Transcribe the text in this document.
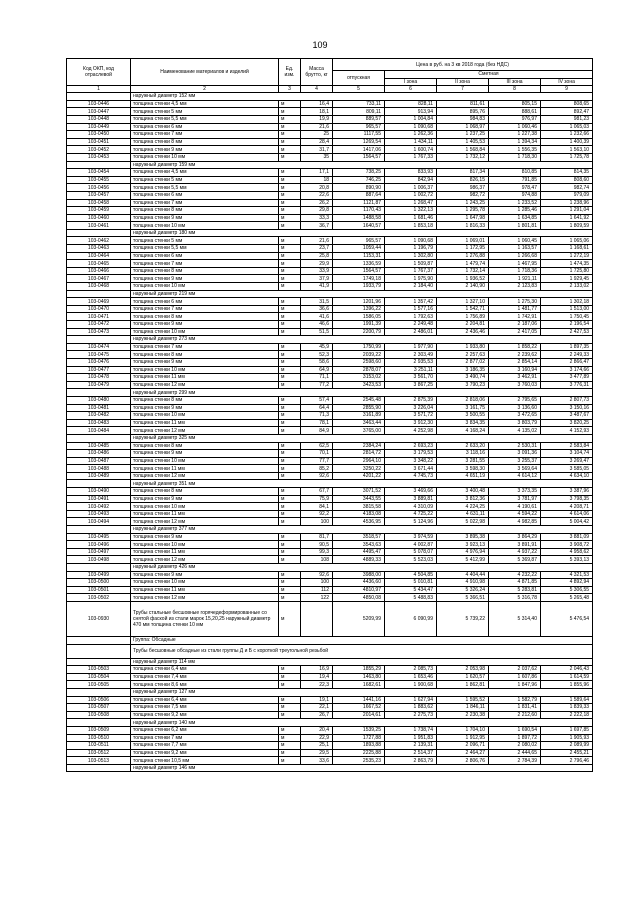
109
Код ОКП, код отраслевой	Наименование материалов и изделий	Ед. изм.	Масса брутто, кг	Цена в руб. на 3 кв 2018 года (без НДС)				
				отпускная	Сметная			
					I зона	II зона	III зона	IV зона
1	2	3	4	5	6	7	8	9
	наружный диаметр 152 мм							
103-0446	толщина стенки 4,5 мм	м	16,4	733,11	828,11	811,61	805,15	808,65
103-0447	толщина стенки 5 мм	м	18,1	809,11	913,94	895,76	888,61	892,47
103-0448	толщина стенки 5,5 мм	м	19,9	889,57	1 004,84	984,83	976,97	981,23
103-0449	толщина стенки 6 мм	м	21,6	965,57	1 090,68	1 068,97	1 060,46	1 065,03
103-0450	толщина стенки 7 мм	м	25	1117,55	1 262,36	1 237,25	1 227,38	1 232,66
103-0451	толщина стенки 8 мм	м	28,4	1269,54	1 434,11	1 405,53	1 394,34	1 400,39
103-0452	толщина стенки 9 мм	м	31,7	1417,06	1 600,74	1 568,84	1 556,35	1 563,10
103-0453	толщина стенки 10 мм	м	35	1564,57	1 767,33	1 732,12	1 718,30	1 725,78
	наружный диаметр 159 мм							
103-0454	толщина стенки 4,5 мм	м	17,1	738,25	833,93	817,34	810,85	814,35
103-0455	толщина стенки 5 мм	м	18	746,25	842,94	826,15	791,85	808,60
103-0456	толщина стенки 5,5 мм	м	20,8	890,90	1 006,37	986,37	978,47	982,74
103-0457	толщина стенки 6 мм	м	22,6	887,64	1 002,72	982,72	974,88	979,09
103-0458	толщина стенки 7 мм	м	26,2	1121,87	1 268,47	1 243,25	1 233,52	1 238,96
103-0459	толщина стенки 8 мм	м	29,8	1170,43	1 322,13	1 295,78	1 285,46	1 291,04
103-0460	толщина стенки 9 мм	м	33,3	1488,58	1 681,46	1 647,98	1 634,85	1 641,92
103-0461	толщина стенки 10 мм	м	36,7	1640,57	1 853,18	1 816,33	1 801,81	1 809,59
	наружный диаметр 180 мм							
103-0462	толщина стенки 5 мм	м	21,6	965,57	1 090,68	1 069,01	1 060,45	1 065,06
103-0463	толщина стенки 5,5 мм	м	23,7	1059,44	1 196,79	1 172,95	1 163,57	1 168,61
103-0464	толщина стенки 6 мм	м	25,8	1153,31	1 302,80	1 276,88	1 266,68	1 272,19
103-0465	толщина стенки 7 мм	м	29,9	1336,59	1 509,87	1 479,74	1 467,95	1 474,35
103-0466	толщина стенки 8 мм	м	33,9	1564,57	1 767,37	1 732,14	1 718,36	1 725,80
103-0467	толщина стенки 9 мм	м	37,9	1749,18	1 975,90	1 936,52	1 921,11	1 929,45
103-0468	толщина стенки 10 мм	м	41,9	1933,79	2 184,40	2 140,90	2 123,83	2 133,02
	наружный диаметр 219 мм							
103-0469	толщина стенки 6 мм	м	31,5	1201,96	1 357,42	1 327,10	1 275,30	1 302,18
103-0470	толщина стенки 7 мм	м	36,6	1396,22	1 577,16	1 542,71	1 481,77	1 513,00
103-0471	толщина стенки 8 мм	м	41,6	1586,05	1 792,63	1 756,89	1 742,91	1 750,45
103-0472	толщина стенки 9 мм	м	46,6	1991,39	2 249,48	2 204,81	2 187,06	2 196,54
103-0473	толщина стенки 10 мм	м	51,5	2200,79	2 486,01	2 436,46	2 417,05	2 427,53
	наружный диаметр 273 мм							
103-0474	толщина стенки 7 мм	м	45,9	1750,99	1 977,90	1 933,80	1 858,22	1 897,35
103-0475	толщина стенки 8 мм	м	52,3	2039,22	2 303,49	2 257,63	2 239,62	2 249,33
103-0476	толщина стенки 9 мм	м	58,6	2598,60	2 935,53	2 877,02	2 854,14	2 866,47
103-0477	толщина стенки 10 мм	м	64,9	2878,07	3 251,11	3 186,35	3 160,94	3 174,66
103-0478	толщина стенки 11 мм	м	71,1	3153,02	3 561,70	3 490,74	3 462,91	3 477,89
103-0479	толщина стенки 12 мм	м	77,2	3423,53	3 867,25	3 790,23	3 760,03	3 776,31
	наружный диаметр 299 мм							
103-0480	толщина стенки 8 мм	м	57,4	2545,48	2 875,39	2 818,06	2 795,65	2 807,73
103-0481	толщина стенки 9 мм	м	64,4	2855,90	3 226,04	3 161,75	3 136,60	3 150,16
103-0482	толщина стенки 10 мм	м	71,3	3161,89	3 571,72	3 500,55	3 472,65	3 487,67
103-0483	толщина стенки 11 мм	м	78,1	3463,44	3 912,30	3 834,35	3 803,79	3 820,25
103-0484	толщина стенки 12 мм	м	84,9	3765,00	4 252,98	4 168,24	4 135,02	4 152,93
	наружный диаметр 325 мм							
103-0485	толщина стенки 8 мм	м	62,5	2384,24	2 693,23	2 633,20	2 530,31	2 583,84
103-0486	толщина стенки 9 мм	м	70,1	2814,72	3 179,53	3 118,16	3 091,36	3 104,74
103-0487	толщина стенки 10 мм	м	77,7	2964,10	3 348,22	3 281,55	3 255,37	3 269,47
103-0488	толщина стенки 11 мм	м	85,2	3250,22	3 671,44	3 598,30	3 569,64	3 585,05
103-0489	толщина стенки 12 мм	м	92,6	4201,22	4 745,73	4 651,19	4 614,12	4 634,10
	наружный диаметр 351 мм							
103-0490	толщина стенки 8 мм	м	67,7	3071,52	3 469,66	3 400,48	3 373,35	3 387,96
103-0491	толщина стенки 9 мм	м	75,9	3443,55	3 889,81	3 812,36	3 781,97	3 798,35
103-0492	толщина стенки 10 мм	м	84,1	3815,58	4 310,09	4 224,25	4 190,61	4 208,71
103-0493	толщина стенки 11 мм	м	92,2	4183,08	4 725,22	4 631,11	4 594,22	4 614,06
103-0494	толщина стенки 12 мм	м	100	4536,95	5 124,96	5 022,98	4 982,85	5 004,42
	наружный диаметр 377 мм							
103-0495	толщина стенки 9 мм	м	81,7	3518,57	3 974,59	3 895,38	3 864,29	3 881,09
103-0496	толщина стенки 10 мм	м	90,5	3543,63	4 002,87	3 923,13	3 891,91	3 908,72
103-0497	толщина стенки 11 мм	м	99,3	4495,47	5 078,07	4 976,94	4 937,22	4 958,62
103-0498	толщина стенки 12 мм	м	108	4889,33	5 523,03	5 412,99	5 369,87	5 393,13
	наружный диаметр 426 мм							
103-0499	толщина стенки 9 мм	м	92,6	3988,00	4 504,85	4 404,44	4 232,22	4 321,53
103-0500	толщина стенки 10 мм	м	100	4436,60	5 010,81	4 910,98	4 871,85	4 892,94
103-0501	толщина стенки 11 мм	м	112	4810,97	5 434,47	5 326,24	5 283,81	5 306,55
103-0502	толщина стенки 12 мм	м	122	4850,08	5 488,83	5 366,51	5 316,78	5 265,48
103-0930	Трубы стальные бесшовные горячедеформированные со снятой фаской из стали марок 15,20,25 наружный диаметр 470 мм толщина стенки 10 мм	м		5209,99	6 090,99	5 739,22	5 314,40	5 476,54
	Группа: Обсадные							
	Трубы бесшовные обсадные из стали группы Д и Б с короткой треугольной резьбой							
	наружный диаметр 114 мм							
103-0503	толщина стенки 6,4 мм	м	16,9	1855,29	2 085,73	2 053,98	2 037,62	2 046,43
103-0504	толщина стенки 7,4 мм	м	19,4	1463,80	1 653,46	1 620,57	1 607,86	1 614,59
103-0505	толщина стенки 8,6 мм	м	22,3	1682,61	1 900,68	1 862,81	1 847,96	1 855,96
	наружный диаметр 127 мм							
103-0506	толщина стенки 6,4 мм	м	19,1	1441,16	1 627,94	1 595,52	1 582,79	1 589,64
103-0507	толщина стенки 7,5 мм	м	22,1	1667,52	1 883,62	1 846,11	1 831,41	1 839,33
103-0508	толщина стенки 9,2 мм	м	26,7	2014,61	2 275,73	2 230,38	2 212,60	2 222,18
	наружный диаметр 140 мм							
103-0509	толщина стенки 6,2 мм	м	20,4	1539,25	1 738,74	1 704,10	1 690,54	1 697,85
103-0510	толщина стенки 7 мм	м	22,9	1727,88	1 951,83	1 912,95	1 897,72	1 905,93
103-0511	толщина стенки 7,7 мм	м	25,1	1893,88	2 139,31	2 096,71	2 080,02	2 089,99
103-0512	толщина стенки 9,2 мм	м	29,5	2225,88	2 514,37	2 464,27	2 444,65	2 455,21
103-0513	толщина стенки 10,5 мм	м	33,6	2535,23	2 863,79	2 806,76	2 784,39	2 796,46
	наружный диаметр 146 мм							
